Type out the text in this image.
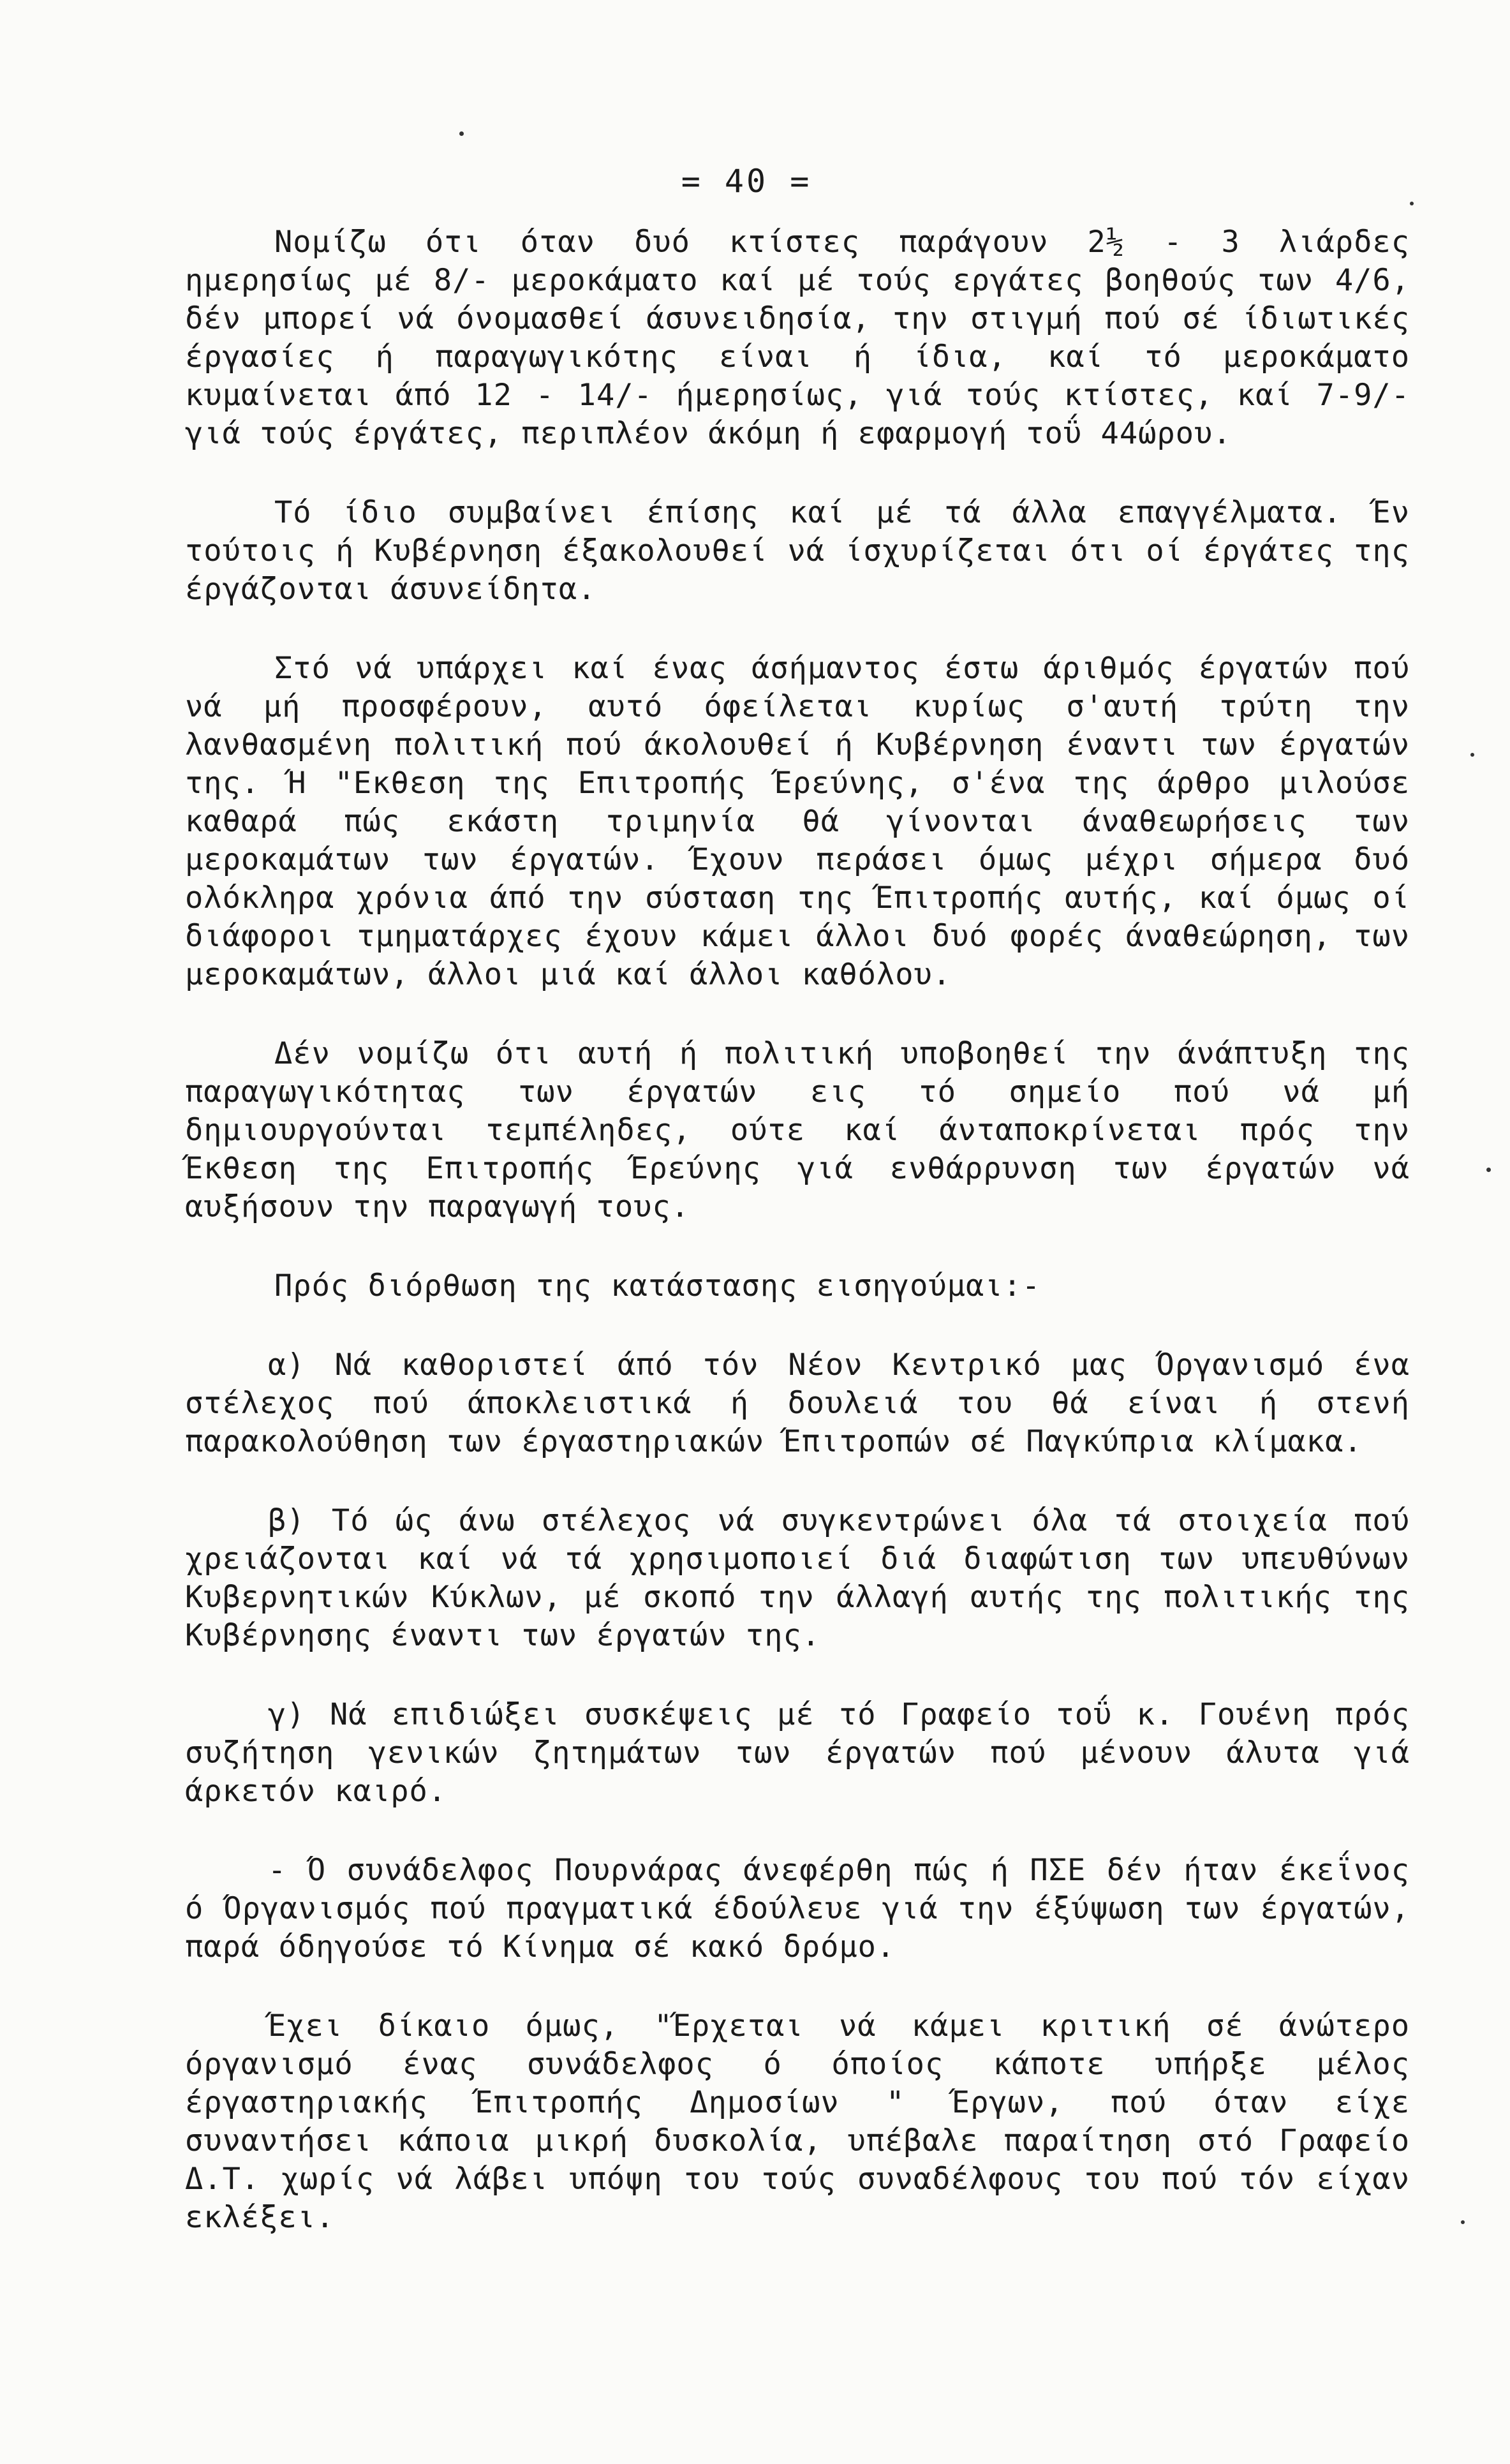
= 40 =

Νομίζω ότι όταν δυό κτίστες παράγουν 2½ - 3 λιάρδες ημερησίως μέ 8/- μεροκάματο καί μέ τούς εργάτες βοηθούς των 4/6, δέν μπορεί νά όνομασθεί άσυνειδησία, την στιγμή πού σέ ίδιωτικές έργασίες ή παραγωγικότης είναι ή ίδια, καί τό μεροκάματο κυμαίνεται άπό 12 - 14/- ήμερησίως, γιά τούς κτίστες, καί 7-9/- γιά τούς έργάτες, περιπλέον άκόμη ή εφαρμογή τοΰ 44ώρου.

Τό ίδιο συμβαίνει έπίσης καί μέ τά άλλα επαγγέλματα. Έν τούτοις ή Κυβέρνηση έξακολουθεί νά ίσχυρίζεται ότι οί έργάτες της έργάζονται άσυνείδητα.

Στό νά υπάρχει καί ένας άσήμαντος έστω άριθμός έργατών πού νά μή προσφέρουν, αυτό όφείλεται κυρίως σ'αυτή τρύτη την λανθασμένη πολιτική πού άκολουθεί ή Κυβέρνηση έναντι των έργατών της. Ή "Εκθεση της Επιτροπής Έρεύνης, σ'ένα της άρθρο μιλούσε καθαρά πώς εκάστη τριμηνία θά γίνονται άναθεωρήσεις των μεροκαμάτων των έργατών. Έχουν περάσει όμως μέχρι σήμερα δυό ολόκληρα χρόνια άπό την σύσταση της Έπιτροπής αυτής, καί όμως οί διάφοροι τμηματάρχες έχουν κάμει άλλοι δυό φορές άναθεώρηση, των μεροκαμάτων, άλλοι μιά καί άλλοι καθόλου.

Δέν νομίζω ότι αυτή ή πολιτική υποβοηθεί την άνάπτυξη της παραγωγικότητας των έργατών εις τό σημείο πού νά μή δημιουργούνται τεμπέληδες, ούτε καί άνταποκρίνεται πρός την Έκθεση της Επιτροπής Έρεύνης γιά ενθάρρυνση των έργατών νά αυξήσουν την παραγωγή τους.

Πρός διόρθωση της κατάστασης εισηγούμαι:-

α) Νά καθοριστεί άπό τόν Νέον Κεντρικό μας Όργανισμό ένα στέλεχος πού άποκλειστικά ή δουλειά του θά είναι ή στενή παρακολούθηση των έργαστηριακών Έπιτροπών σέ Παγκύπρια κλίμακα.

β) Τό ώς άνω στέλεχος νά συγκεντρώνει όλα τά στοιχεία πού χρειάζονται καί νά τά χρησιμοποιεί διά διαφώτιση των υπευθύνων Κυβερνητικών Κύκλων, μέ σκοπό την άλλαγή αυτής της πολιτικής της Κυβέρνησης έναντι των έργατών της.

γ) Νά επιδιώξει συσκέψεις μέ τό Γραφείο τοΰ κ. Γουένη πρός συζήτηση γενικών ζητημάτων των έργατών πού μένουν άλυτα γιά άρκετόν καιρό.

- Ό συνάδελφος Πουρνάρας άνεφέρθη πώς ή ΠΣΕ δέν ήταν έκεΐνος ό Όργανισμός πού πραγματικά έδούλευε γιά την έξύψωση των έργατών, παρά όδηγούσε τό Κίνημα σέ κακό δρόμο.

Έχει δίκαιο όμως, "Έρχεται νά κάμει κριτική σέ άνώτερο όργανισμό ένας συνάδελφος ό όποίος κάποτε υπήρξε μέλος έργαστηριακής Έπιτροπής Δημοσίων " Έργων, πού όταν είχε συναντήσει κάποια μικρή δυσκολία, υπέβαλε παραίτηση στό Γραφείο Δ.Τ. χωρίς νά λάβει υπόψη του τούς συναδέλφους του πού τόν είχαν εκλέξει.
